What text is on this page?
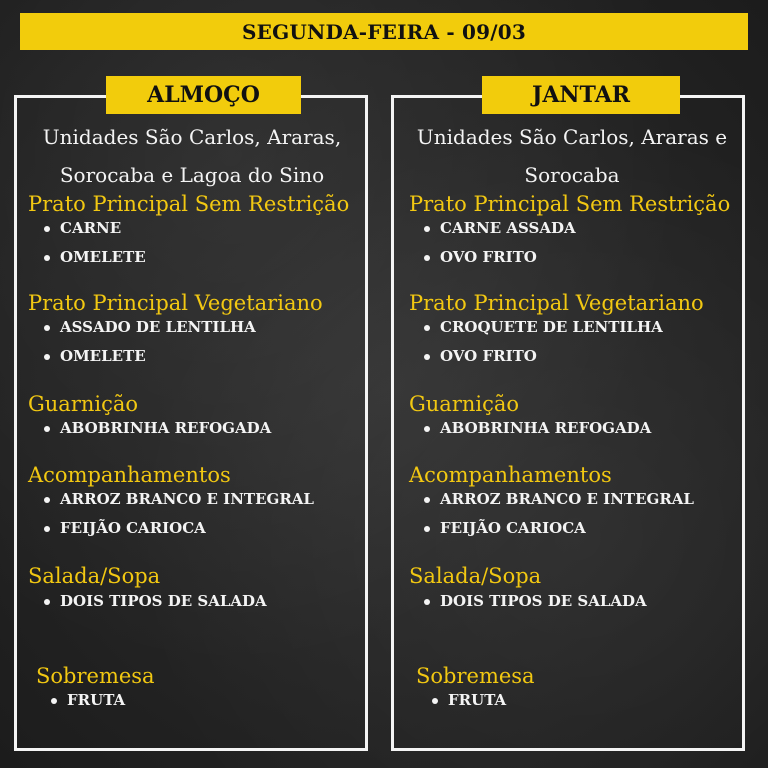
SEGUNDA-FEIRA - 09/03
ALMOÇO	JANTAR
Unidades São Carlos, Araras,
Sorocaba e Lagoa do Sino
Unidades São Carlos, Araras e
Sorocaba
Prato Principal Sem Restrição
CARNE
OMELETE
Prato Principal Vegetariano
ASSADO DE LENTILHA
OMELETE
Guarnição
ABOBRINHA REFOGADA
Acompanhamentos
ARROZ BRANCO E INTEGRAL
FEIJÃO CARIOCA
Salada/Sopa
DOIS TIPOS DE SALADA
Sobremesa
FRUTA
Prato Principal Sem Restrição
CARNE ASSADA
OVO FRITO
Prato Principal Vegetariano
CROQUETE DE LENTILHA
OVO FRITO
Guarnição
ABOBRINHA REFOGADA
Acompanhamentos
ARROZ BRANCO E INTEGRAL
FEIJÃO CARIOCA
Salada/Sopa
DOIS TIPOS DE SALADA
Sobremesa
FRUTA
